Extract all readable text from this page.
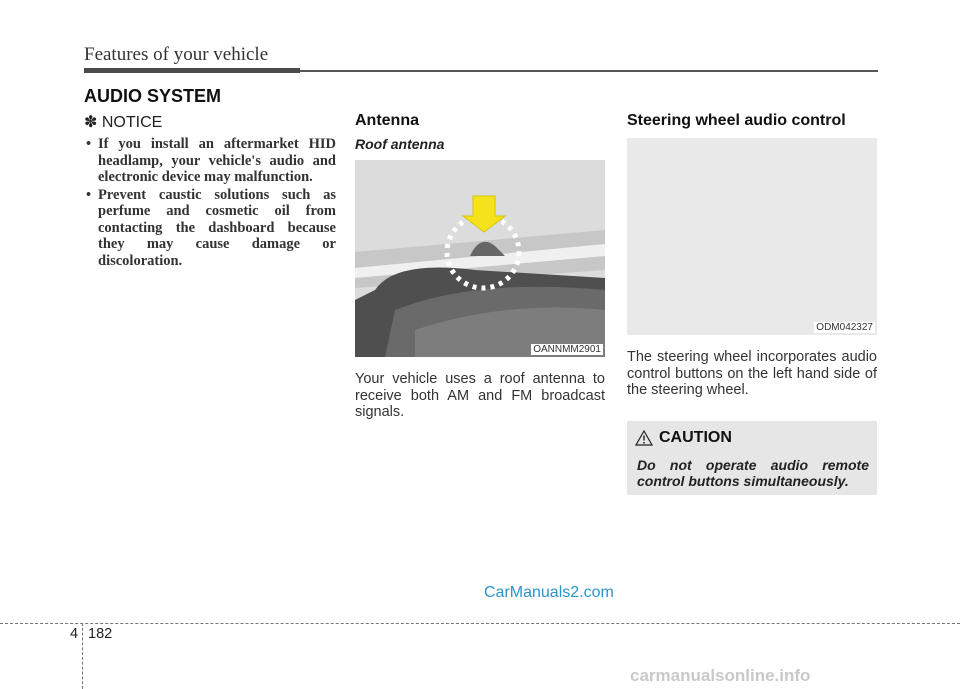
Features of your vehicle
AUDIO SYSTEM
✽ NOTICE
• If you install an aftermarket HID headlamp, your vehicle's audio and electronic device may malfunction.
• Prevent caustic solutions such as perfume and cosmetic oil from contacting the dashboard because they may cause damage or discoloration.
Antenna
Roof antenna
OANNMM2901
Your vehicle uses a roof antenna to receive both AM and FM broadcast signals.
Steering wheel audio control
ODM042327
The steering wheel incorporates audio control buttons on the left hand side of the steering wheel.
CAUTION
Do not operate audio remote control buttons simultaneously.
CarManuals2.com
4 182
carmanualsonline.info
